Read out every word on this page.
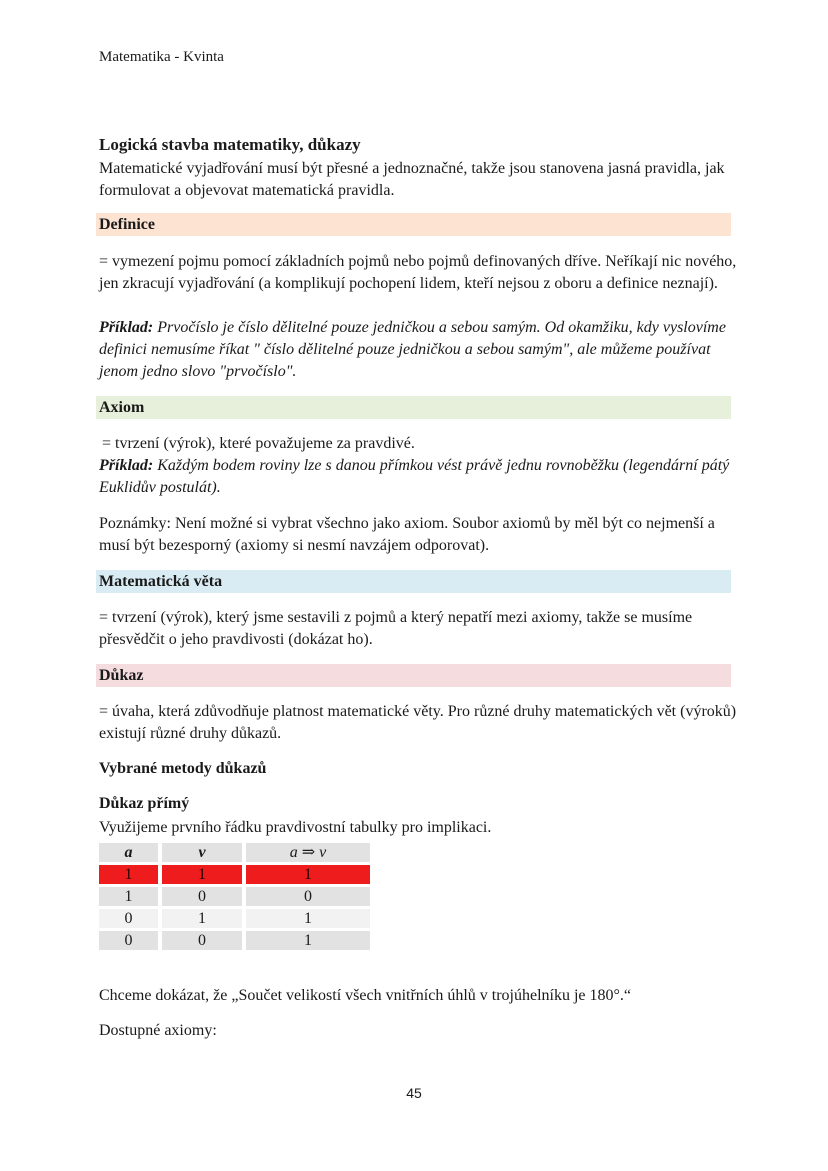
Matematika - Kvinta
Logická stavba matematiky, důkazy
Matematické vyjadřování musí být přesné a jednoznačné, takže jsou stanovena jasná pravidla, jak formulovat a objevovat matematická pravidla.
Definice
= vymezení pojmu pomocí základních pojmů nebo pojmů definovaných dříve. Neříkají nic nového, jen zkracují vyjadřování (a komplikují pochopení lidem, kteří nejsou z oboru a definice neznají).
Příklad: Prvočíslo je číslo dělitelné pouze jedničkou a sebou samým. Od okamžiku, kdy vyslovíme definici nemusíme říkat " číslo dělitelné pouze jedničkou a sebou samým", ale můžeme používat jenom jedno slovo "prvočíslo".
Axiom
= tvrzení (výrok), které považujeme za pravdivé.
Příklad: Každým bodem roviny lze s danou přímkou vést právě jednu rovnoběžku (legendární pátý Euklidův postulát).
Poznámky: Není možné si vybrat všechno jako axiom. Soubor axiomů by měl být co nejmenší a musí být bezesporný (axiomy si nesmí navzájem odporovat).
Matematická věta
= tvrzení (výrok), který jsme sestavili z pojmů a který nepatří mezi axiomy, takže se musíme přesvědčit o jeho pravdivosti (dokázat ho).
Důkaz
= úvaha, která zdůvodňuje platnost matematické věty. Pro různé druhy matematických vět (výroků) existují různé druhy důkazů.
Vybrané metody důkazů
Důkaz přímý
Využijeme prvního řádku pravdivostní tabulky pro implikaci.
a	v	a ⇒ v
1	1	1
1	0	0
0	1	1
0	0	1
Chceme dokázat, že „Součet velikostí všech vnitřních úhlů v trojúhelníku je 180°.“
Dostupné axiomy:
45
